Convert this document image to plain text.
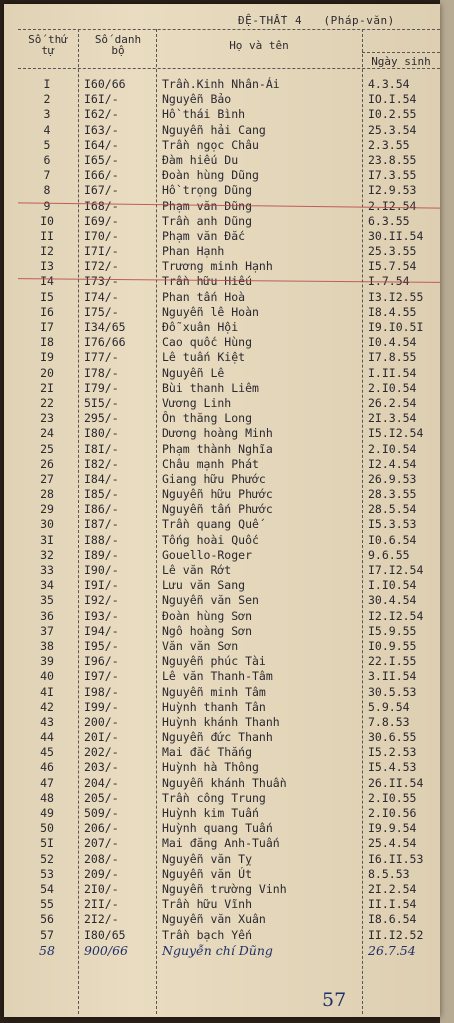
ĐỆ-THẤT 4 (Pháp-văn)
Số thứ
tự
Số danh
bộ	Họ và tên
Ngày sinh
I	I60/66	Trần.Kinh Nhân-Ái	4.3.54
2	I6I/-	Nguyễn Bảo	IO.I.54
3	I62/-	Hồ thái Bình	I0.2.55
4	I63/-	Nguyễn hải Cang	25.3.54
5	I64/-	Trần ngọc Châu	2.3.55
6	I65/-	Đàm hiếu Du	23.8.55
7	I66/-	Đoàn hùng Dũng	I7.3.55
8	I67/-	Hồ trọng Dũng	I2.9.53
9	I68/-	Phạm văn Dũng	2.I2.54
I0	I69/-	Trần anh Dũng	6.3.55
II	I70/-	Phạm văn Đắc	30.II.54
I2	I7I/-	Phan Hạnh	25.3.55
I3	I72/-	Trương minh Hạnh	I5.7.54
I4	I73/-	Trần hữu Hiếu	I.7.54
I5	I74/-	Phan tấn Hoà	I3.I2.55
I6	I75/-	Nguyễn lê Hoàn	I8.4.55
I7	I34/65	Đỗ xuân Hội	I9.I0.5I
I8	I76/66	Cao quốc Hùng	I0.4.54
I9	I77/-	Lê tuấn Kiệt	I7.8.55
20	I78/-	Nguyễn Lê	I.II.54
2I	I79/-	Bùi thanh Liêm	2.I0.54
22	5I5/-	Vương Linh	26.2.54
23	295/-	Ôn thăng Long	2I.3.54
24	I80/-	Dương hoàng Minh	I5.I2.54
25	I8I/-	Phạm thành Nghĩa	2.I0.54
26	I82/-	Châu mạnh Phát	I2.4.54
27	I84/-	Giang hữu Phước	26.9.53
28	I85/-	Nguyễn hữu Phước	28.3.55
29	I86/-	Nguyễn tấn Phước	28.5.54
30	I87/-	Trần quang Quế	I5.3.53
3I	I88/-	Tống hoài Quốc	I0.6.54
32	I89/-	Gouello-Roger	9.6.55
33	I90/-	Lê văn Rớt	I7.I2.54
34	I9I/-	Lưu văn Sang	I.I0.54
35	I92/-	Nguyễn văn Sen	30.4.54
36	I93/-	Đoàn hùng Sơn	I2.I2.54
37	I94/-	Ngô hoàng Sơn	I5.9.55
38	I95/-	Văn văn Sơn	I0.9.55
39	I96/-	Nguyễn phúc Tài	22.I.55
40	I97/-	Lê văn Thanh-Tâm	3.II.54
4I	I98/-	Nguyễn minh Tâm	30.5.53
42	I99/-	Huỳnh thanh Tân	5.9.54
43	200/-	Huỳnh khánh Thanh	7.8.53
44	20I/-	Nguyễn đức Thanh	30.6.55
45	202/-	Mai đắc Thắng	I5.2.53
46	203/-	Huỳnh hà Thông	I5.4.53
47	204/-	Nguyễn khánh Thuần	26.II.54
48	205/-	Trần công Trung	2.I0.55
49	509/-	Huỳnh kim Tuấn	2.I0.56
50	206/-	Huỳnh quang Tuấn	I9.9.54
5I	207/-	Mai đăng Anh-Tuấn	25.4.54
52	208/-	Nguyễn văn Tỵ	I6.II.53
53	209/-	Nguyễn văn Út	8.5.53
54	2I0/-	Nguyễn trường Vinh	2I.2.54
55	2II/-	Trần hữu Vĩnh	II.I.54
56	2I2/-	Nguyễn văn Xuân	I8.6.54
57	I80/65	Trần bạch Yến	II.I2.52
58	900/66	Nguyễn chí Dũng	26.7.54
57
